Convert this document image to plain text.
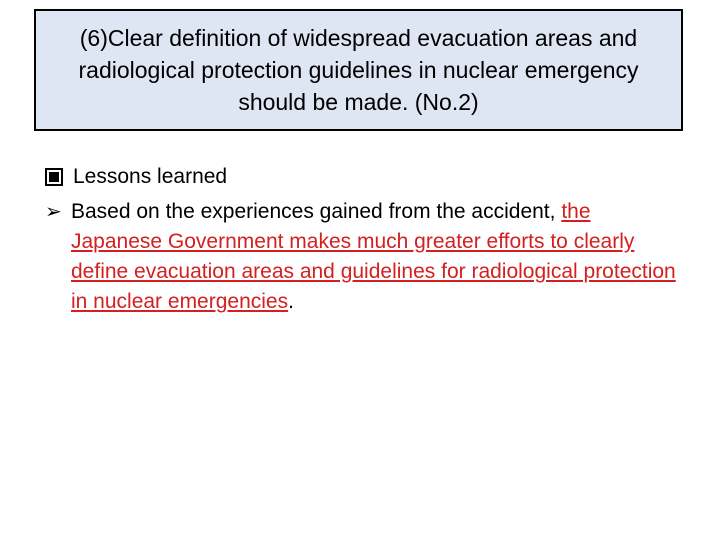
(6)Clear definition of widespread evacuation areas and radiological protection guidelines in nuclear emergency should be made. (No.2)
Lessons learned
➢ Based on the experiences gained from the accident, the Japanese Government makes much greater efforts to clearly define evacuation areas and guidelines for radiological protection in nuclear emergencies.
